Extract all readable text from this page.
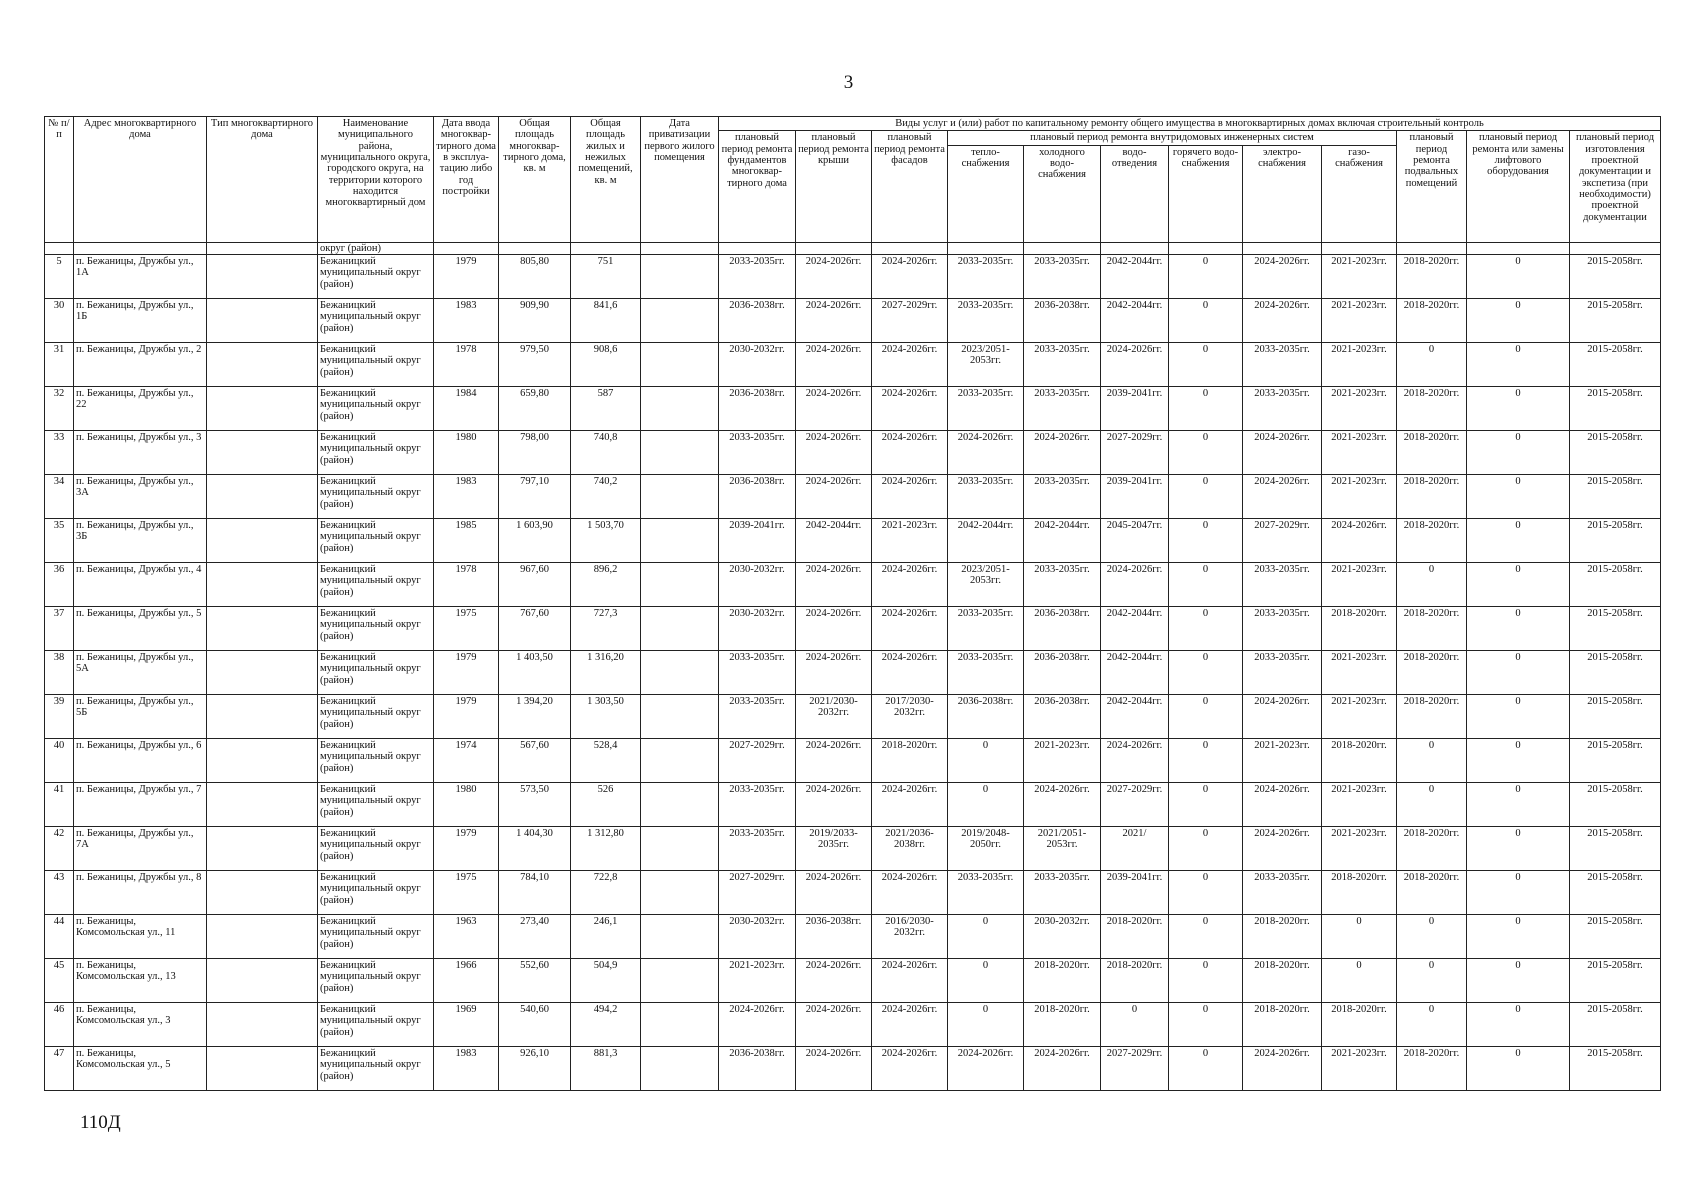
3
№ п/п	Адрес многоквартирного дома	Тип многоквартирного дома	Наименование муниципального района, муниципального округа, городского округа, на территории которого находится многоквартирный дом	Дата ввода многоквар- тирного дома в эксплуа- тацию либо год постройки	Общая площадь многоквар- тирного дома, кв. м	Общая площадь жилых и нежилых помещений, кв. м	Дата приватизации первого жилого помещения	Виды услуг и (или) работ по капитальному ремонту общего имущества в многоквартирных домах включая строительный контроль											
								плановый период ремонта фундаментов многоквар- тирного дома	плановый период ремонта крыши	плановый период ремонта фасадов	плановый период ремонта внутридомовых инженерных систем						плановый период ремонта подвальных помещений	плановый период ремонта или замены лифтового оборудования	плановый период изготовления проектной документации и экспетиза (при необходимости) проектной документации
											тепло- снабжения	холодного водо- снабжения	водо- отведения	горячего водо- снабжения	электро- снабжения	газо- снабжения			
			округ (район)																
5	п. Бежаницы, Дружбы ул., 1А		Бежаницкий муниципальный округ (район)	1979	805,80	751		2033-2035гг.	2024-2026гг.	2024-2026гг.	2033-2035гг.	2033-2035гг.	2042-2044гг.	0	2024-2026гг.	2021-2023гг.	2018-2020гг.	0	2015-2058гг.
30	п. Бежаницы, Дружбы ул., 1Б		Бежаницкий муниципальный округ (район)	1983	909,90	841,6		2036-2038гг.	2024-2026гг.	2027-2029гг.	2033-2035гг.	2036-2038гг.	2042-2044гг.	0	2024-2026гг.	2021-2023гг.	2018-2020гг.	0	2015-2058гг.
31	п. Бежаницы, Дружбы ул., 2		Бежаницкий муниципальный округ (район)	1978	979,50	908,6		2030-2032гг.	2024-2026гг.	2024-2026гг.	2023/2051-2053гг.	2033-2035гг.	2024-2026гг.	0	2033-2035гг.	2021-2023гг.	0	0	2015-2058гг.
32	п. Бежаницы, Дружбы ул., 22		Бежаницкий муниципальный округ (район)	1984	659,80	587		2036-2038гг.	2024-2026гг.	2024-2026гг.	2033-2035гг.	2033-2035гг.	2039-2041гг.	0	2033-2035гг.	2021-2023гг.	2018-2020гг.	0	2015-2058гг.
33	п. Бежаницы, Дружбы ул., 3		Бежаницкий муниципальный округ (район)	1980	798,00	740,8		2033-2035гг.	2024-2026гг.	2024-2026гг.	2024-2026гг.	2024-2026гг.	2027-2029гг.	0	2024-2026гг.	2021-2023гг.	2018-2020гг.	0	2015-2058гг.
34	п. Бежаницы, Дружбы ул., 3А		Бежаницкий муниципальный округ (район)	1983	797,10	740,2		2036-2038гг.	2024-2026гг.	2024-2026гг.	2033-2035гг.	2033-2035гг.	2039-2041гг.	0	2024-2026гг.	2021-2023гг.	2018-2020гг.	0	2015-2058гг.
35	п. Бежаницы, Дружбы ул., 3Б		Бежаницкий муниципальный округ (район)	1985	1 603,90	1 503,70		2039-2041гг.	2042-2044гг.	2021-2023гг.	2042-2044гг.	2042-2044гг.	2045-2047гг.	0	2027-2029гг.	2024-2026гг.	2018-2020гг.	0	2015-2058гг.
36	п. Бежаницы, Дружбы ул., 4		Бежаницкий муниципальный округ (район)	1978	967,60	896,2		2030-2032гг.	2024-2026гг.	2024-2026гг.	2023/2051-2053гг.	2033-2035гг.	2024-2026гг.	0	2033-2035гг.	2021-2023гг.	0	0	2015-2058гг.
37	п. Бежаницы, Дружбы ул., 5		Бежаницкий муниципальный округ (район)	1975	767,60	727,3		2030-2032гг.	2024-2026гг.	2024-2026гг.	2033-2035гг.	2036-2038гг.	2042-2044гг.	0	2033-2035гг.	2018-2020гг.	2018-2020гг.	0	2015-2058гг.
38	п. Бежаницы, Дружбы ул., 5А		Бежаницкий муниципальный округ (район)	1979	1 403,50	1 316,20		2033-2035гг.	2024-2026гг.	2024-2026гг.	2033-2035гг.	2036-2038гг.	2042-2044гг.	0	2033-2035гг.	2021-2023гг.	2018-2020гг.	0	2015-2058гг.
39	п. Бежаницы, Дружбы ул., 5Б		Бежаницкий муниципальный округ (район)	1979	1 394,20	1 303,50		2033-2035гг.	2021/2030-2032гг.	2017/2030-2032гг.	2036-2038гг.	2036-2038гг.	2042-2044гг.	0	2024-2026гг.	2021-2023гг.	2018-2020гг.	0	2015-2058гг.
40	п. Бежаницы, Дружбы ул., 6		Бежаницкий муниципальный округ (район)	1974	567,60	528,4		2027-2029гг.	2024-2026гг.	2018-2020гг.	0	2021-2023гг.	2024-2026гг.	0	2021-2023гг.	2018-2020гг.	0	0	2015-2058гг.
41	п. Бежаницы, Дружбы ул., 7		Бежаницкий муниципальный округ (район)	1980	573,50	526		2033-2035гг.	2024-2026гг.	2024-2026гг.	0	2024-2026гг.	2027-2029гг.	0	2024-2026гг.	2021-2023гг.	0	0	2015-2058гг.
42	п. Бежаницы, Дружбы ул., 7А		Бежаницкий муниципальный округ (район)	1979	1 404,30	1 312,80		2033-2035гг.	2019/2033-2035гг.	2021/2036-2038гг.	2019/2048-2050гг.	2021/2051-2053гг.	2021/	0	2024-2026гг.	2021-2023гг.	2018-2020гг.	0	2015-2058гг.
43	п. Бежаницы, Дружбы ул., 8		Бежаницкий муниципальный округ (район)	1975	784,10	722,8		2027-2029гг.	2024-2026гг.	2024-2026гг.	2033-2035гг.	2033-2035гг.	2039-2041гг.	0	2033-2035гг.	2018-2020гг.	2018-2020гг.	0	2015-2058гг.
44	п. Бежаницы, Комсомольская ул., 11		Бежаницкий муниципальный округ (район)	1963	273,40	246,1		2030-2032гг.	2036-2038гг.	2016/2030-2032гг.	0	2030-2032гг.	2018-2020гг.	0	2018-2020гг.	0	0	0	2015-2058гг.
45	п. Бежаницы, Комсомольская ул., 13		Бежаницкий муниципальный округ (район)	1966	552,60	504,9		2021-2023гг.	2024-2026гг.	2024-2026гг.	0	2018-2020гг.	2018-2020гг.	0	2018-2020гг.	0	0	0	2015-2058гг.
46	п. Бежаницы, Комсомольская ул., 3		Бежаницкий муниципальный округ (район)	1969	540,60	494,2		2024-2026гг.	2024-2026гг.	2024-2026гг.	0	2018-2020гг.	0	0	2018-2020гг.	2018-2020гг.	0	0	2015-2058гг.
47	п. Бежаницы, Комсомольская ул., 5		Бежаницкий муниципальный округ (район)	1983	926,10	881,3		2036-2038гг.	2024-2026гг.	2024-2026гг.	2024-2026гг.	2024-2026гг.	2027-2029гг.	0	2024-2026гг.	2021-2023гг.	2018-2020гг.	0	2015-2058гг.
110Д
